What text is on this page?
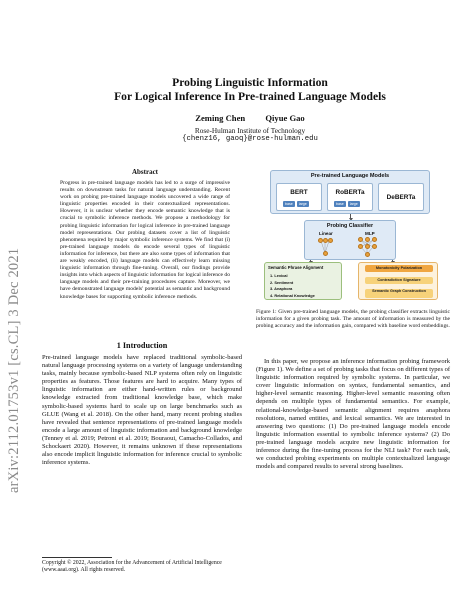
arXiv:2112.01753v1 [cs.CL] 3 Dec 2021
Probing Linguistic Information
For Logical Inference In Pre-trained Language Models
Zeming Chen Qiyue Gao
Rose-Hulman Institute of Technology
{chenz16, gaoq}@rose-hulman.edu
Abstract
Progress in pre-trained language models has led to a surge of impressive results on downstream tasks for natural language understanding. Recent work on probing pre-trained language models uncovered a wide range of linguistic properties encoded in their contextualized representations. However, it is unclear whether they encode semantic knowledge that is crucial to symbolic inference methods. We propose a methodology for probing linguistic information for logical inference in pre-trained language model representations. Our probing datasets cover a list of linguistic phenomena required by major symbolic inference systems. We find that (i) pre-trained language models do encode several types of linguistic information for inference, but there are also some types of information that are weakly encoded, (ii) language models can effectively learn missing linguistic information through fine-tuning. Overall, our findings provide insights into which aspects of linguistic information for logical inference do language models and their pre-training procedures capture. Moreover, we have demonstrated language models' potential as semantic and background knowledge bases for supporting symbolic inference methods.
1 Introduction
Pre-trained language models have replaced traditional symbolic-based natural language processing systems on a variety of language understanding tasks, mainly because symbolic-based NLP systems often rely on linguistic properties as features. Those features are hard to acquire. Many types of linguistic information are either hand-written rules or background knowledge extracted from traditional knowledge base, which make symbolic-based systems hard to scale up on large benchmarks such as GLUE (Wang et al. 2018). On the other hand, many recent probing studies have revealed that sentence representations of pre-trained language models encode a large amount of linguistic information and background knowledge (Tenney et al. 2019; Petroni et al. 2019; Bouraoui, Camacho-Collados, and Schockaert 2020). However, it remains unknown if these representations also encode implicit linguistic information for inference crucial to symbolic inference systems.
Copyright © 2022, Association for the Advancement of Artificial Intelligence (www.aaai.org). All rights reserved.
Pre-trained Language Models
BERT
base	large
RoBERTa
base	large
DeBERTa
Probing Classifier
Linear	MLP
Semantic Phrase Alignment
1. Lexical
2. Sentiment
3. Anaphora
4. Relational Knowledge
Monotonicity Polarization
Contradiction Signature
Semantic Graph Construction
Figure 1: Given pre-trained language models, the probing classifier extracts linguistic information for a given probing task. The amount of information is measured by the probing accuracy and the information gain, compared with baseline word embeddings.
In this paper, we propose an inference information probing framework (Figure 1). We define a set of probing tasks that focus on different types of linguistic information required by symbolic systems. In particular, we cover linguistic information on syntax, fundamental semantics, and higher-level semantic reasoning. Higher-level semantic reasoning often depends on multiple types of fundamental semantics. For example, relational-knowledge-based semantic alignment requires anaphora resolutions, named entities, and lexical semantics. We are interested in answering two questions: (1) Do pre-trained language models encode linguistic information essential to symbolic inference systems? (2) Do pre-trained language models acquire new linguistic information for inference during the fine-tuning process for the NLI task? For each task, we conducted probing experiments on multiple contextualized language models and compared results to several strong baselines.
